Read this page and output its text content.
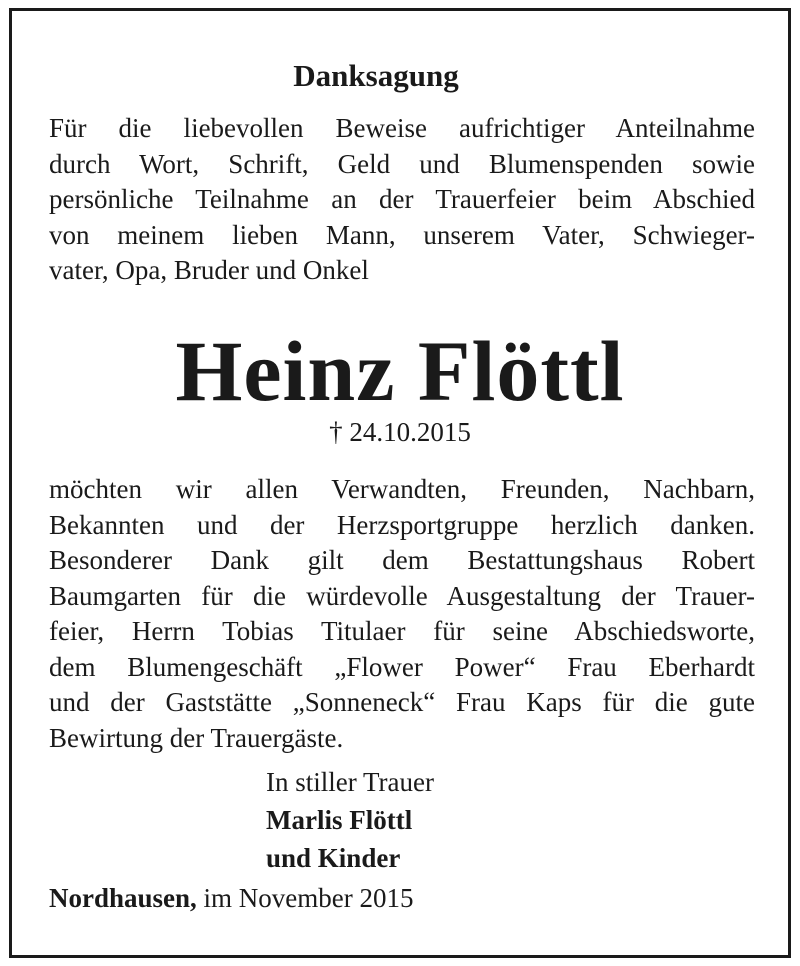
Danksagung
Für die liebevollen Beweise aufrichtiger Anteilnahme
durch Wort, Schrift, Geld und Blumenspenden sowie
persönliche Teilnahme an der Trauerfeier beim Abschied
von meinem lieben Mann, unserem Vater, Schwieger-
vater, Opa, Bruder und Onkel
Heinz Flöttl
† 24.10.2015
möchten wir allen Verwandten, Freunden, Nachbarn,
Bekannten und der Herzsportgruppe herzlich danken.
Besonderer Dank gilt dem Bestattungshaus Robert
Baumgarten für die würdevolle Ausgestaltung der Trauer-
feier, Herrn Tobias Titulaer für seine Abschiedsworte,
dem Blumengeschäft „Flower Power“ Frau Eberhardt
und der Gaststätte „Sonneneck“ Frau Kaps für die gute
Bewirtung der Trauergäste.
In stiller Trauer
Marlis Flöttl
und Kinder
Nordhausen, im November 2015
